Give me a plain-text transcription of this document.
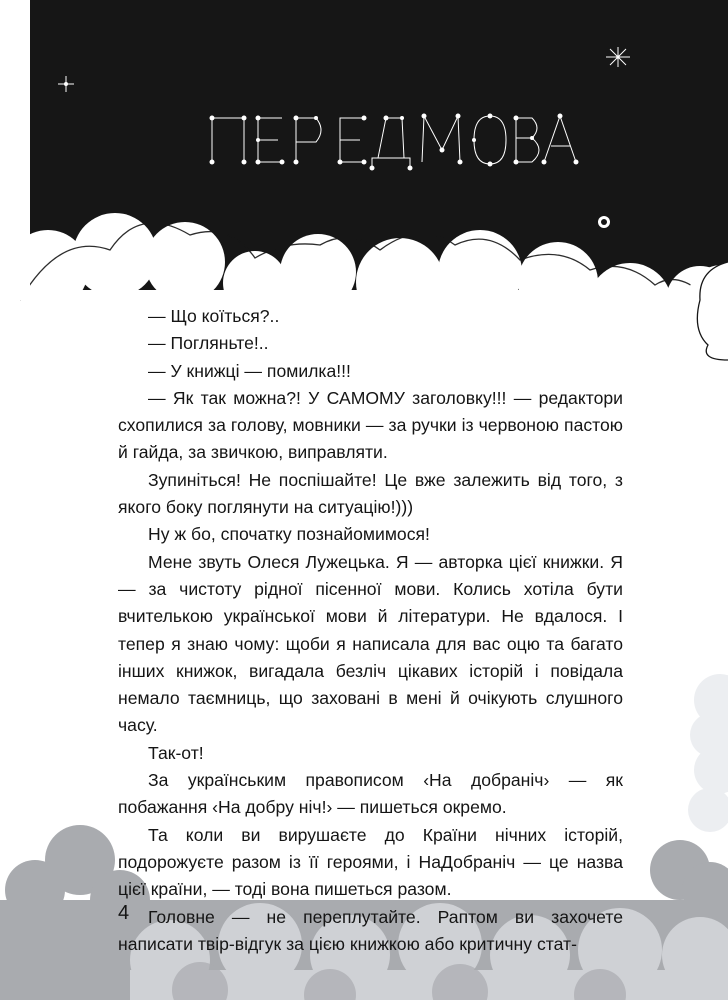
— Що коїться?..

— Погляньте!..

— У книжці — помилка!!!

— Як так можна?! У САМОМУ заголовку!!! — редактори схопилися за голову, мовники — за ручки із червоною пастою й гайда, за звичкою, виправляти.

Зупиніться! Не поспішайте! Це вже залежить від того, з якого боку поглянути на ситуацію!)))

Ну ж бо, спочатку познайомимося!

Мене звуть Олеся Лужецька. Я — авторка цієї книжки. Я — за чистоту рідної пісенної мови. Колись хотіла бути вчителькою української мови й літератури. Не вдалося. І тепер я знаю чому: щоби я написала для вас оцю та багато інших книжок, вигадала безліч цікавих історій і повідала немало таємниць, що заховані в мені й очікують слушного часу.

Так-от!

За українським правописом ‹На добраніч› — як побажання ‹На добру ніч!› — пишеться окремо.

Та коли ви вирушаєте до Країни нічних історій, подорожуєте разом із її героями, і НаДобраніч — це назва цієї країни, — тоді вона пишеться разом.

Головне — не переплутайте. Раптом ви захочете написати твір-відгук за цією книжкою або критичну стат-

4
